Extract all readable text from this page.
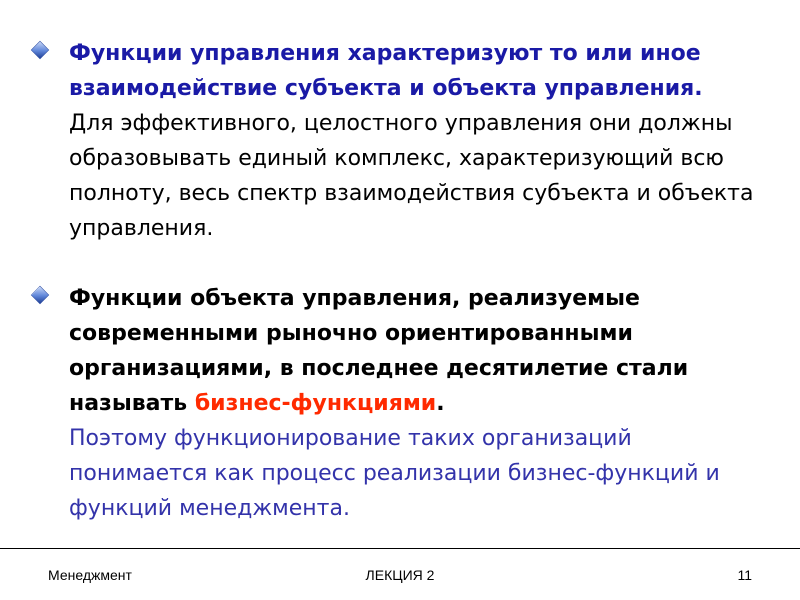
Функции управления характеризуют то или иное взаимодействие субъекта и объекта управления.
Для эффективного, целостного управления они должны образовывать единый комплекс, характеризующий всю полноту, весь спектр взаимодействия субъекта и объекта управления.
Функции объекта управления, реализуемые современными рыночно ориентированными организациями, в последнее десятилетие стали называть бизнес-функциями.
Поэтому функционирование таких организаций понимается как процесс реализации бизнес-функций и функций менеджмента.
Менеджмент	ЛЕКЦИЯ 2	11
